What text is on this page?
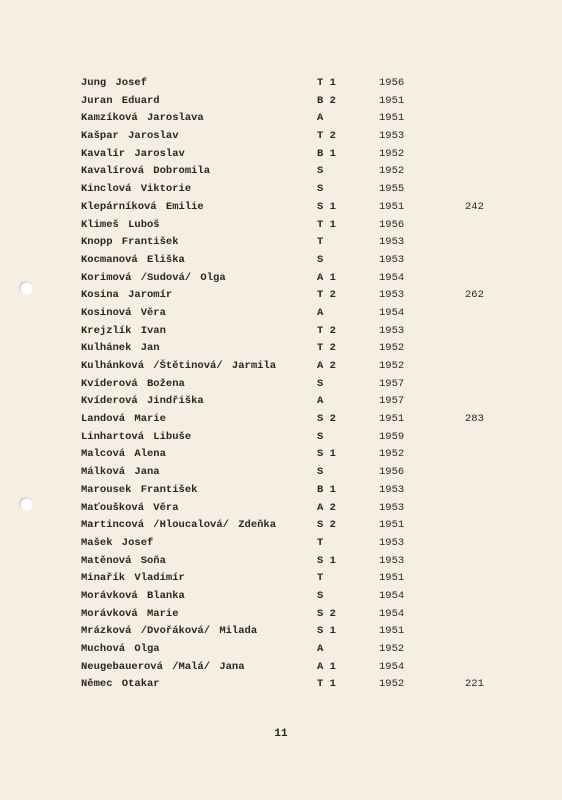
Jung Josef	T 1	1956
Juran Eduard	B 2	1951
Kamzíková Jaroslava	A	1951
Kašpar Jaroslav	T 2	1953
Kavalír Jaroslav	B 1	1952
Kavalírová Dobromila	S	1952
Kinclová Viktorie	S	1955
Klepárníková Emilie	S 1	1951	242
Klimeš Luboš	T 1	1956
Knopp František	T	1953
Kocmanová Eliška	S	1953
Korimová /Sudová/ Olga	A 1	1954
Kosina Jaromír	T 2	1953	262
Kosinová Věra	A	1954
Krejzlík Ivan	T 2	1953
Kulhánek Jan	T 2	1952
Kulhánková /Štětinová/ Jarmila	A 2	1952
Kvíderová Božena	S	1957
Kvíderová Jindřiška	A	1957
Landová Marie	S 2	1951	283
Linhartová Libuše	S	1959
Malcová Alena	S 1	1952
Málková Jana	S	1956
Marousek František	B 1	1953
Maťoušková Věra	A 2	1953
Martincová /Hloucalová/ Zdeňka	S 2	1951
Mašek Josef	T	1953
Matěnová Soňa	S 1	1953
Minařík Vladimír	T	1951
Morávková Blanka	S	1954
Morávková Marie	S 2	1954
Mrázková /Dvořáková/ Milada	S 1	1951
Muchová Olga	A	1952
Neugebauerová /Malá/ Jana	A 1	1954
Němec Otakar	T 1	1952	221
11
